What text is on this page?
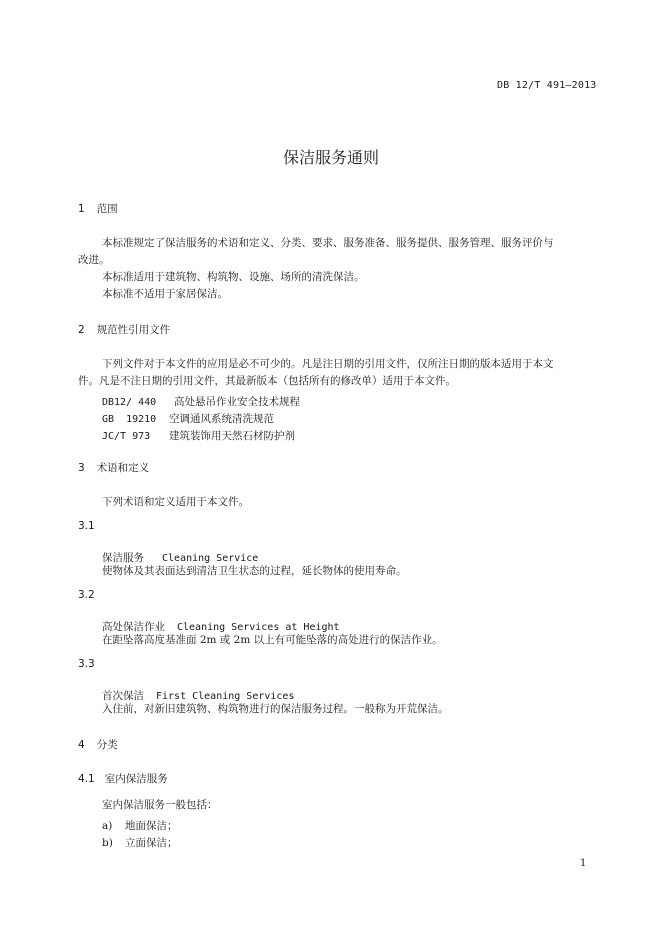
DB 12/T 491—2013
保洁服务通则
1 范围
本标准规定了保洁服务的术语和定义、分类、要求、服务准备、服务提供、服务管理、服务评价与
改进。
本标准适用于建筑物、构筑物、设施、场所的清洗保洁。
本标准不适用于家居保洁。
2 规范性引用文件
下列文件对于本文件的应用是必不可少的。凡是注日期的引用文件，仅所注日期的版本适用于本文
件。凡是不注日期的引用文件，其最新版本（包括所有的修改单）适用于本文件。
DB12/ 440 高处悬吊作业安全技术规程
GB  19210 空调通风系统清洗规范
JC/T 973 建筑装饰用天然石材防护剂
3 术语和定义
下列术语和定义适用于本文件。
3.1
保洁服务 Cleaning Service
使物体及其表面达到清洁卫生状态的过程，延长物体的使用寿命。
3.2
高处保洁作业 Cleaning Services at Height
在距坠落高度基准面 2m 或 2m 以上有可能坠落的高处进行的保洁作业。
3.3
首次保洁 First Cleaning Services
入住前，对新旧建筑物、构筑物进行的保洁服务过程。一般称为开荒保洁。
4 分类
4.1 室内保洁服务
室内保洁服务一般包括：
a) 地面保洁；
b) 立面保洁；
1
